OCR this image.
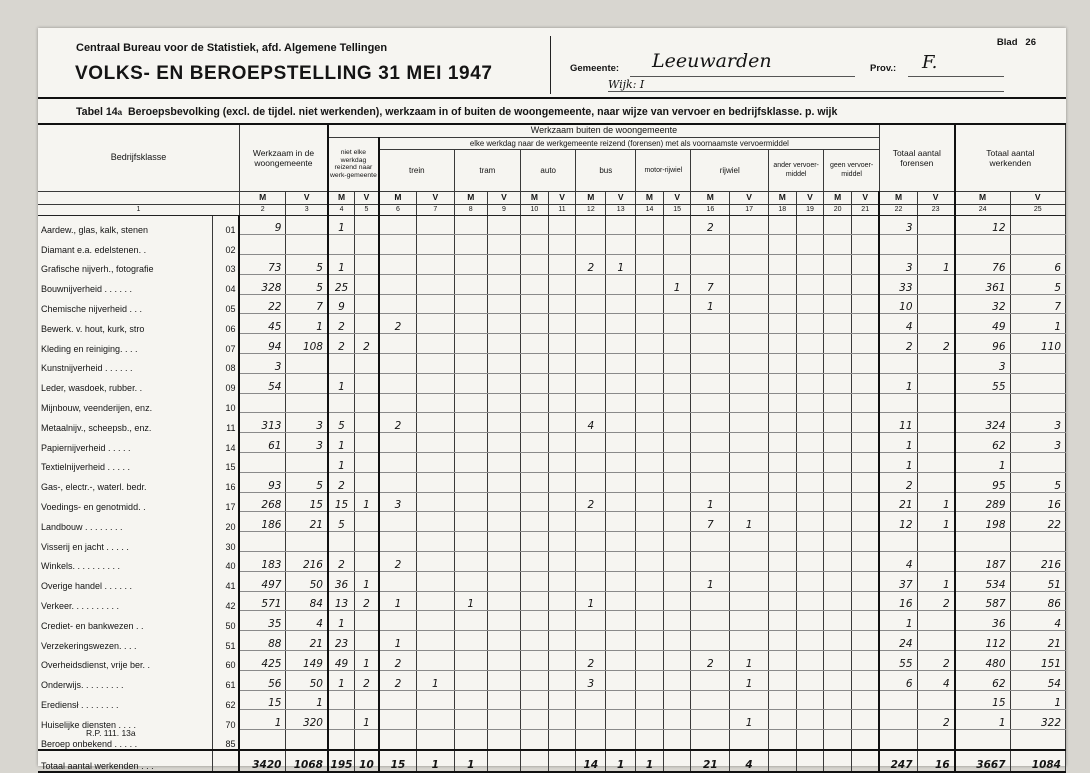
Centraal Bureau voor de Statistiek, afd. Algemene Tellingen
VOLKS- EN BEROEPSTELLING 31 MEI 1947
Blad 26
Gemeente: Leeuwarden	Prov.: F.
Wijk: I
Tabel 14a Beroepsbevolking (excl. de tijdel. niet werkenden), werkzaam in of buiten de woongemeente, naar wijze van vervoer en bedrijfsklasse. p. wijk
Bedrijfsklasse		Werkzaam in de woongemeente		Werkzaam buiten de woongemeente																		Totaal aantal forensen		Totaal aantal werkenden	

				niet elke werkdag reizend naar werk-gemeente		elke werkdag naar de werkgemeente reizend (forensen) met als voornaamste vervoermiddel																			
						trein		tram		auto		bus		motor-rijwiel		rijwiel		ander vervoer-middel		geen vervoer-middel					

		M	V	M	V	M	V	M	V	M	V	M	V	M	V	M	V	M	V	M	V	M	V	M	V
1		2	3	4	5	6	7	8	9	10	11	12	13	14	15	16	17	18	19	20	21	22	23	24	25
Aardew., glas, kalk, stenen	01	9		1												2						3		12	
Diamant e.a. edelstenen. .	02																								
Grafische nijverh., fotografie	03	73	5	1								2	1									3	1	76	6
Bouwnijverheid . . . . . .	04	328	5	25											1	7						33		361	5
Chemische nijverheid . . .	05	22	7	9												1						10		32	7
Bewerk. v. hout, kurk, stro	06	45	1	2		2																4		49	1
Kleding en reiniging. . . .	07	94	108	2	2																	2	2	96	110
Kunstnijverheid . . . . . .	08	3																						3	
Leder, wasdoek, rubber. .	09	54		1																		1		55	
Mijnbouw, veenderijen, enz.	10																								
Metaalnijv., scheepsb., enz.	11	313	3	5		2						4										11		324	3
Papiernijverheid . . . . .	14	61	3	1																		1		62	3
Textielnijverheid . . . . .	15			1																		1		1	
Gas-, electr.-, waterl. bedr.	16	93	5	2																		2		95	5
Voedings- en genotmidd. .	17	268	15	15	1	3						2				1						21	1	289	16
Landbouw . . . . . . . .	20	186	21	5												7	1					12	1	198	22
Visserij en jacht . . . . .	30																								
Winkels. . . . . . . . . .	40	183	216	2		2																4		187	216
Overige handel . . . . . .	41	497	50	36	1											1						37	1	534	51
Verkeer. . . . . . . . . .	42	571	84	13	2	1		1				1										16	2	587	86
Crediet- en bankwezen . .	50	35	4	1																		1		36	4
Verzekeringswezen. . . .	51	88	21	23		1																24		112	21
Overheidsdienst, vrije ber. .	60	425	149	49	1	2						2				2	1					55	2	480	151
Onderwijs. . . . . . . . .	61	56	50	1	2	2	1					3					1					6	4	62	54
Erediensł . . . . . . . .	62	15	1																					15	1
Huiselijke diensten . . . .	70	1	320		1												1						2	1	322
Beroep onbekend . . . . .	85																								
Totaal aantal werkenden . . .		3420	1068	195	10	15	1	1				14	1	1		21	4					247	16	3667	1084
R.P. 111. 13a
